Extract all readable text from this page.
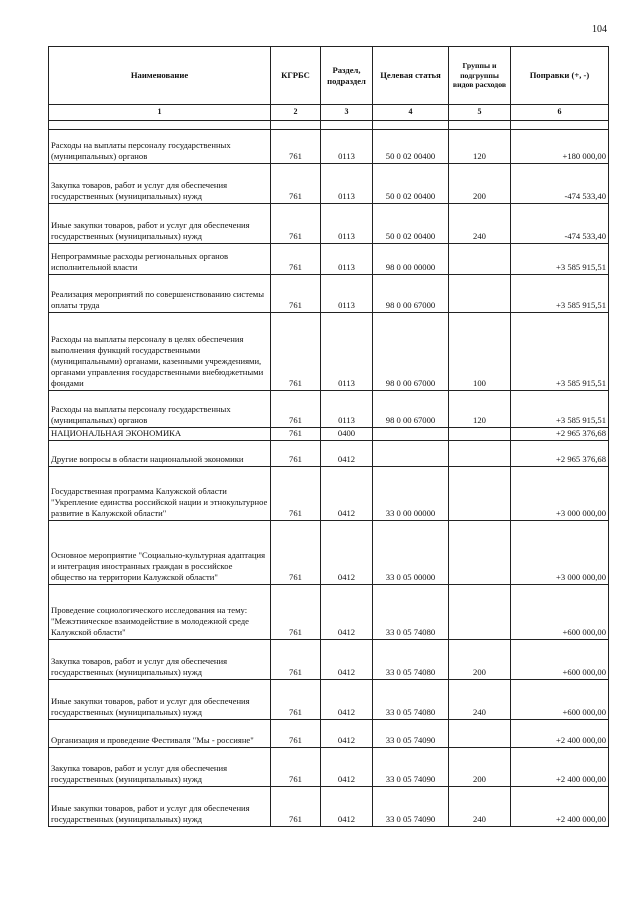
104
Наименование	КГРБС	Раздел, подраздел	Целевая статья	Группы и подгруппы видов расходов	Поправки (+, -)
1	2	3	4	5	6

Расходы на выплаты персоналу государственных (муниципальных) органов	761	0113	50 0 02 00400	120	+180 000,00
Закупка товаров, работ и услуг для обеспечения государственных (муниципальных) нужд	761	0113	50 0 02 00400	200	-474 533,40
Иные закупки товаров, работ и услуг для обеспечения государственных (муниципальных) нужд	761	0113	50 0 02 00400	240	-474 533,40
Непрограммные расходы региональных органов исполнительной власти	761	0113	98 0 00 00000		+3 585 915,51
Реализация мероприятий по совершенствованию системы оплаты труда	761	0113	98 0 00 67000		+3 585 915,51
Расходы на выплаты персоналу в целях обеспечения выполнения функций государственными (муниципальными) органами, казенными учреждениями, органами управления государственными внебюджетными фондами	761	0113	98 0 00 67000	100	+3 585 915,51
Расходы на выплаты персоналу государственных (муниципальных) органов	761	0113	98 0 00 67000	120	+3 585 915,51
НАЦИОНАЛЬНАЯ ЭКОНОМИКА	761	0400			+2 965 376,68
Другие вопросы в области национальной экономики	761	0412			+2 965 376,68
Государственная программа Калужской области "Укрепление единства российской нации и этнокультурное развитие в Калужской области"	761	0412	33 0 00 00000		+3 000 000,00
Основное мероприятие "Социально-культурная адаптация и интеграция иностранных граждан в российское общество на территории Калужской области"	761	0412	33 0 05 00000		+3 000 000,00
Проведение социологического исследования на тему: "Межэтническое взаимодействие в молодежной среде Калужской области"	761	0412	33 0 05 74080		+600 000,00
Закупка товаров, работ и услуг для обеспечения государственных (муниципальных) нужд	761	0412	33 0 05 74080	200	+600 000,00
Иные закупки товаров, работ и услуг для обеспечения государственных (муниципальных) нужд	761	0412	33 0 05 74080	240	+600 000,00
Организация и проведение Фестиваля "Мы - россияне"	761	0412	33 0 05 74090		+2 400 000,00
Закупка товаров, работ и услуг для обеспечения государственных (муниципальных) нужд	761	0412	33 0 05 74090	200	+2 400 000,00
Иные закупки товаров, работ и услуг для обеспечения государственных (муниципальных) нужд	761	0412	33 0 05 74090	240	+2 400 000,00
